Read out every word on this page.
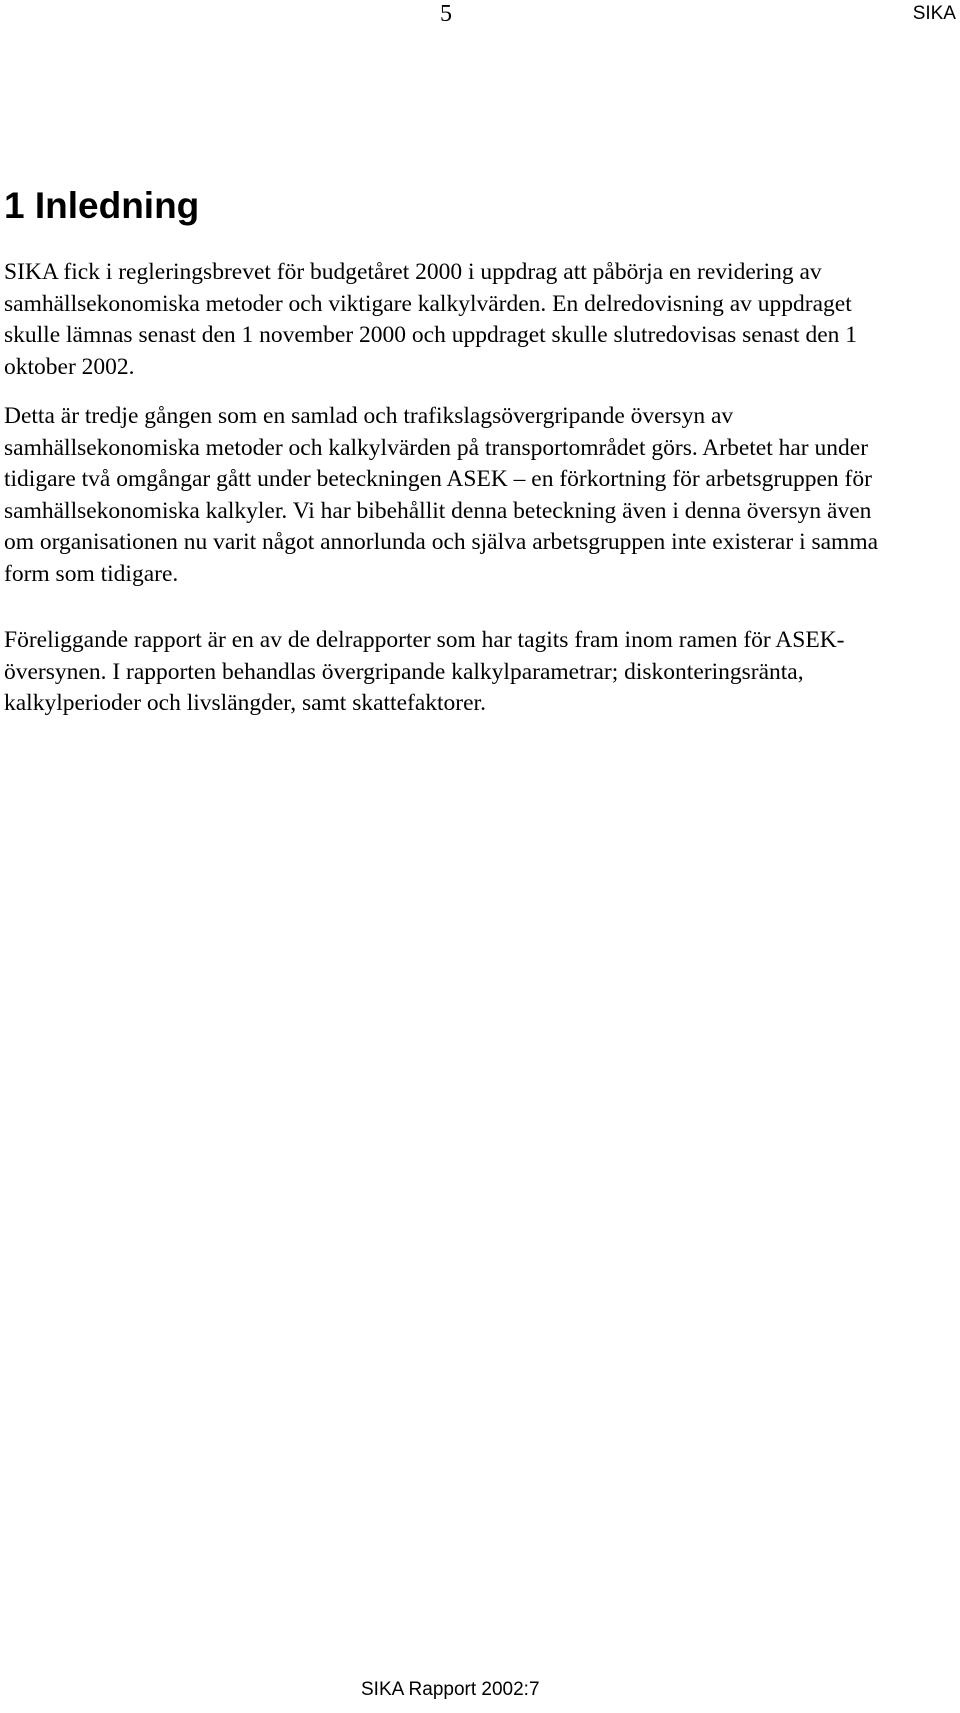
5	SIKA
1 Inledning

SIKA fick i regleringsbrevet för budgetåret 2000 i uppdrag att påbörja en revidering av samhällsekonomiska metoder och viktigare kalkylvärden. En delredovisning av uppdraget skulle lämnas senast den 1 november 2000 och uppdraget skulle slutredovisas senast den 1 oktober 2002.

Detta är tredje gången som en samlad och trafikslagsövergripande översyn av samhällsekonomiska metoder och kalkylvärden på transportområdet görs. Arbetet har under tidigare två omgångar gått under beteckningen ASEK – en förkortning för arbetsgruppen för samhällsekonomiska kalkyler. Vi har bibehållit denna beteckning även i denna översyn även om organisationen nu varit något annorlunda och själva arbetsgruppen inte existerar i samma form som tidigare.

Föreliggande rapport är en av de delrapporter som har tagits fram inom ramen för ASEK-översynen. I rapporten behandlas övergripande kalkylparametrar; diskonteringsränta, kalkylperioder och livslängder, samt skattefaktorer.

SIKA Rapport 2002:7
